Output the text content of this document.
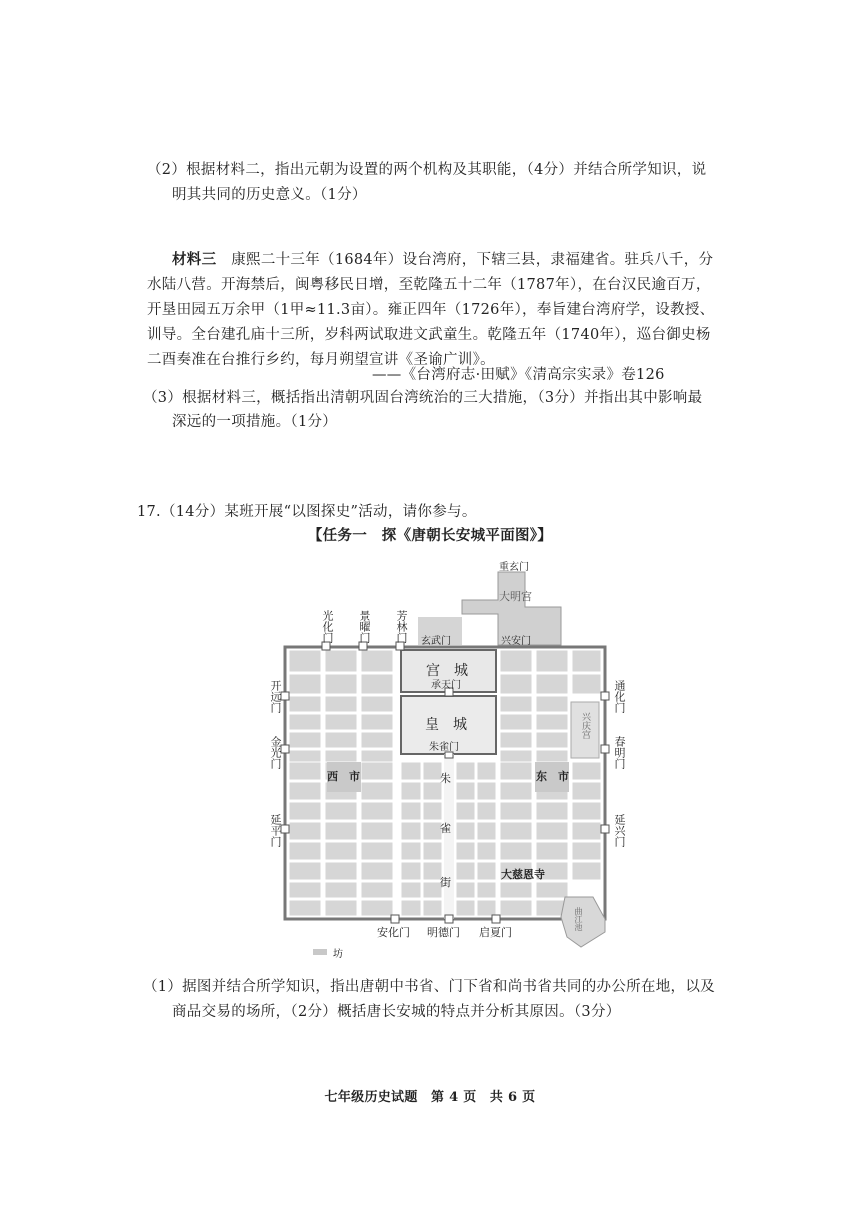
（2）根据材料二，指出元朝为设置的两个机构及其职能，（4分）并结合所学知识，说
明其共同的历史意义。（1分）
材料三　 康熙二十三年（1684年）设台湾府，下辖三县，隶福建省。驻兵八千，分
水陆八营。开海禁后，闽粤移民日增，至乾隆五十二年（1787年），在台汉民逾百万，
开垦田园五万余甲（1甲≈11.3亩）。雍正四年（1726年），奉旨建台湾府学，设教授、
训导。全台建孔庙十三所，岁科两试取进文武童生。乾隆五年（1740年），巡台御史杨
二酉奏准在台推行乡约，每月朔望宣讲《圣谕广训》。
——《台湾府志·田赋》《清高宗实录》卷126
（3）根据材料三，概括指出清朝巩固台湾统治的三大措施，（3分）并指出其中影响最
深远的一项措施。（1分）
17.（14分）某班开展“以图探史”活动，请你参与。
【任务一　探《唐朝长安城平面图》】
重玄门
大明宫
光化门 景曜门 芳林门 玄武门	兴安门
宫　城
承天门
皇　城
朱雀门
开远门
金光门
延平门
通化门
春明门
延兴门
兴庆宫
西　市	东　市
朱
雀
街
大慈恩寺
曲江池
安化门 明德门 启夏门
坊
（1）据图并结合所学知识，指出唐朝中书省、门下省和尚书省共同的办公所在地，以及
商品交易的场所，（2分）概括唐长安城的特点并分析其原因。（3分）
七年级历史试题　第 4 页　共 6 页
